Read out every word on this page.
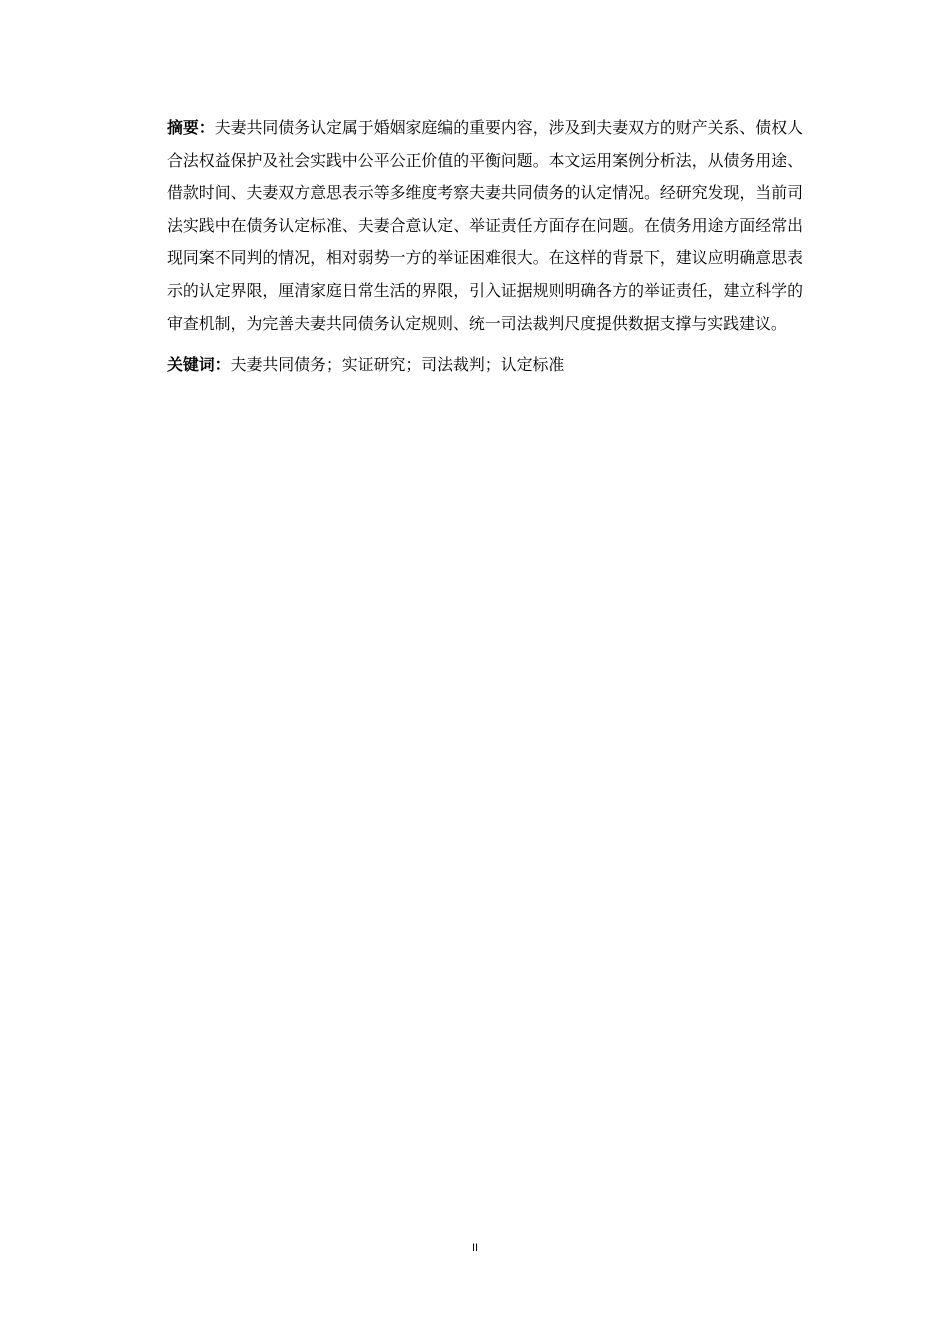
摘要：夫妻共同债务认定属于婚姻家庭编的重要内容，涉及到夫妻双方的财产关系、债权人合法权益保护及社会实践中公平公正价值的平衡问题。本文运用案例分析法，从债务用途、借款时间、夫妻双方意思表示等多维度考察夫妻共同债务的认定情况。经研究发现，当前司法实践中在债务认定标准、夫妻合意认定、举证责任方面存在问题。在债务用途方面经常出现同案不同判的情况，相对弱势一方的举证困难很大。在这样的背景下，建议应明确意思表示的认定界限，厘清家庭日常生活的界限，引入证据规则明确各方的举证责任，建立科学的审查机制，为完善夫妻共同债务认定规则、统一司法裁判尺度提供数据支撑与实践建议。

关键词：夫妻共同债务；实证研究；司法裁判；认定标准

II
